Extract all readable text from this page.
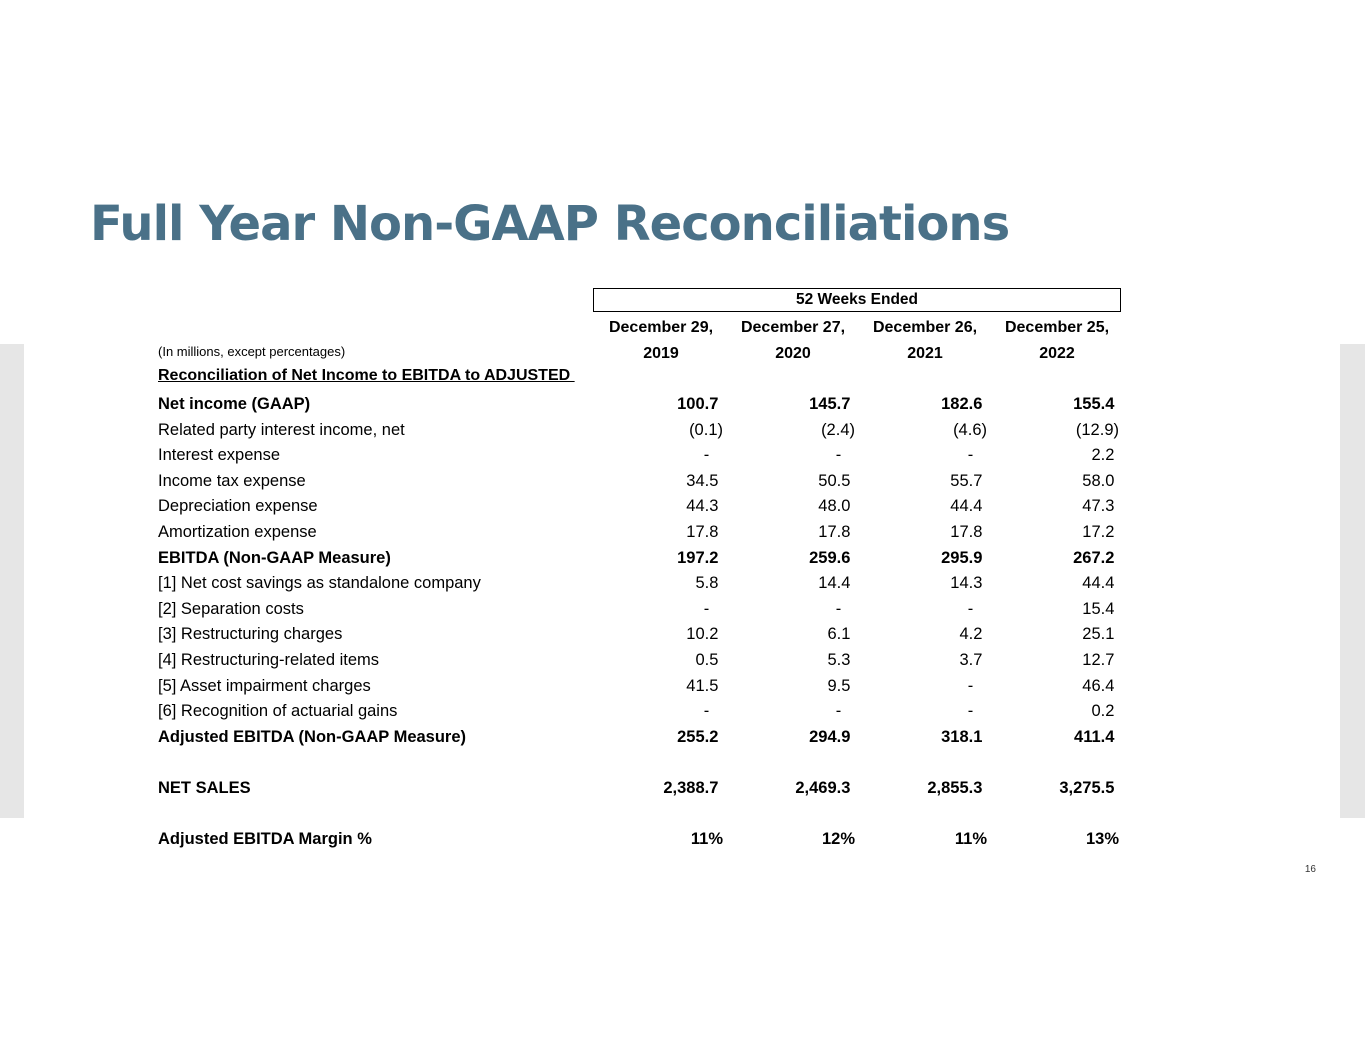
Full Year Non-GAAP Reconciliations
52 Weeks Ended
December 29,
2019
December 27,
2020
December 26,
2021
December 25,
2022
(In millions, except percentages)
Reconciliation of Net Income to EBITDA to ADJUSTED
Net income (GAAP)	100.7	145.7	182.6	155.4
Related party interest income, net	(0.1)	(2.4)	(4.6)	(12.9)
Interest expense	-	-	-	2.2
Income tax expense	34.5	50.5	55.7	58.0
Depreciation expense	44.3	48.0	44.4	47.3
Amortization expense	17.8	17.8	17.8	17.2
EBITDA (Non-GAAP Measure)	197.2	259.6	295.9	267.2
[1] Net cost savings as standalone company	5.8	14.4	14.3	44.4
[2] Separation costs	-	-	-	15.4
[3] Restructuring charges	10.2	6.1	4.2	25.1
[4] Restructuring-related items	0.5	5.3	3.7	12.7
[5] Asset impairment charges	41.5	9.5	-	46.4
[6] Recognition of actuarial gains	-	-	-	0.2
Adjusted EBITDA (Non-GAAP Measure)	255.2	294.9	318.1	411.4
NET SALES	2,388.7	2,469.3	2,855.3	3,275.5
Adjusted EBITDA Margin %	11%	12%	11%	13%
16
